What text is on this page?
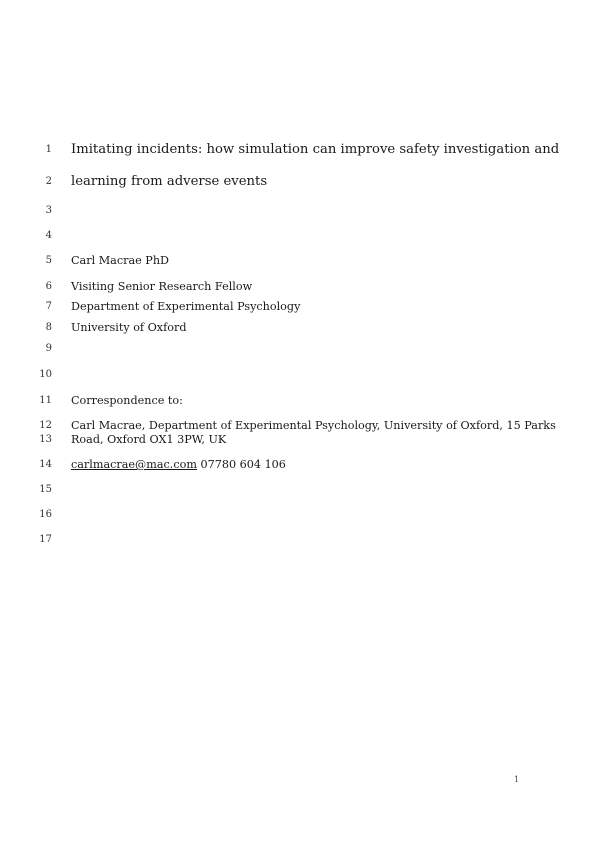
1 Imitating incidents: how simulation can improve safety investigation and
2 learning from adverse events
3
4
5 Carl Macrae PhD
6 Visiting Senior Research Fellow
7 Department of Experimental Psychology
8 University of Oxford
9
10
11 Correspondence to:
12 Carl Macrae, Department of Experimental Psychology, University of Oxford, 15 Parks
13 Road, Oxford OX1 3PW, UK
14 carlmacrae@mac.com 07780 604 106
15
16
17
1
